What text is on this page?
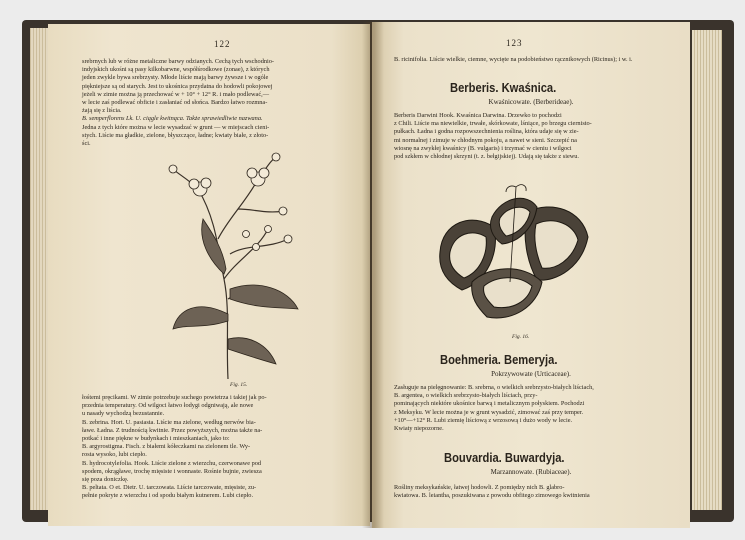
122

srebrnych lub w różne metaliczne barwy odzianych. Cechą tych wschodnio-

indyjskich ukośni są pasy kilkobarwne, współśrodkowe (zonae), z których

jeden zwykle bywa srebrzysty. Młode liście mają barwy żywsze i w ogóle

piękniejsze są od starych. Jest to ukośnica przydatna do hodowli pokojowej

jeżeli w zimie można ją przechować w + 10° + 12° R. i mało podlewać,—

w lecie zaś podlewać obficie i zasłaniać od słońca. Bardzo łatwo rozmna-

żają się z liścia.

B. semperflorens Lk. U. ciągle kwitnąca. Także sprawiedliwie nazwana.

Jedna z tych które można w lecie wysadzać w grunt — w miejscach cieni-

stych. Liście ma gładkie, zielone, błyszczące, ładne; kwiaty białe, z złoto-

ści.

Fig. 15.

łośtemi pręcikami. W zimie potrzebuje suchego powietrza i takiej jak po-

przednia temperatury. Od wilgoci łatwo łodygi odgniwają, ale nowe

u nasady wychodzą bezustannie.

B. zebrina. Hort. U. pasiasta. Liście ma zielone, według nerwów bia-

ławe. Ładna. Z trudnością kwitnie. Przez powyższych, można także na-

potkać i inne piękne w budynkach i mieszkaniach, jako to:

B. argyrostigma. Fisch. z białemi kółeczkami na zielonem tle. Wy-

rosta wysoko, lubi ciepło.

B. hydrocotylefolia. Hook. Liście zielone z wierzchu, czerwonawe pod

spodem, okrągławe, trochę mięsiste i wonnaste. Rośnie bujnie, zwiesza

się poza doniczkę.

B. peltata. O et. Dietr. U. tarczowata. Liście tarczowate, mięsiste, zu-

pełnie pokryte z wierzchu i od spodu białym kutnerem. Lubi ciepło.

123

B. ricinifolia. Liście wielkie, ciemne, wycięte na podobieństwo rącznikowych (Ricinus); i w. i.

Berberis. Kwaśnica.
Kwaśnicowate. (Berberideae).

Berberis Darwini Hook. Kwaśnica Darwina. Drzewko to pochodzi

z Chili. Liście ma niewielkie, trwałe, skórkowate, lśniące, po brzegu ciernisto-

pułkach. Ładna i godna rozpowszechnienia roślina, która udaje się w zie-

mi normalnej i zimuje w chłodnym pokoju, a nawet w sieni. Szczepić na

wiosnę na zwykłej kwaśnicy (B. vulgaris) i trzymać w cieniu i wilgoci

pod szkłem w chłodnej skrzyni (t. z. bełgijskiej). Udają się także z siewu.

Fig. 16.
Boehmeria. Bemeryja.
Pokrzywowate (Urticaceae).

Zasługuje na pielęgnowanie: B. srebrna, o wielkich srebrzysto-białych liściach,

B. argentea, o wielkich srebrzysto-białych liściach, przy-

pominających niektóre ukośnice barwą i metalicznym połyskiem. Pochodzi

z Meksyku. W lecie można je w grunt wysadzić, zimować zaś przy temper.

+10°—+12° R. Lubi ziemię liściową z wrzosową i dużo wody w lecie.

Kwiaty niepozorne.

Bouvardia. Buwardyja.
Marzannowate. (Rubiaceae).

Rośliny meksykańskie, łatwej hodowli. Z pomiędzy nich B. glabro-

kwiatowa. B. leiantha, poszukiwana z powodu obfitego zimowego kwitnienia
